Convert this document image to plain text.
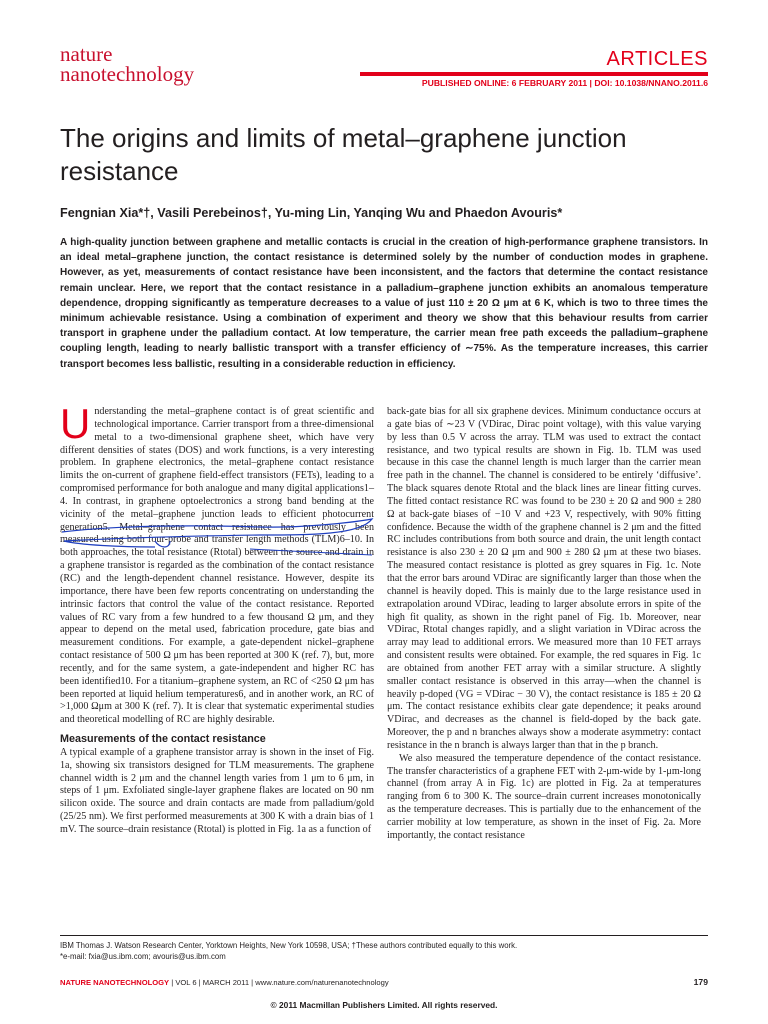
nature
nanotechnology
ARTICLES
PUBLISHED ONLINE: 6 FEBRUARY 2011 | DOI: 10.1038/NNANO.2011.6
The origins and limits of metal–graphene junction resistance
Fengnian Xia*†, Vasili Perebeinos†, Yu-ming Lin, Yanqing Wu and Phaedon Avouris*

A high-quality junction between graphene and metallic contacts is crucial in the creation of high-performance graphene transistors. In an ideal metal–graphene junction, the contact resistance is determined solely by the number of conduction modes in graphene. However, as yet, measurements of contact resistance have been inconsistent, and the factors that determine the contact resistance remain unclear. Here, we report that the contact resistance in a palladium–graphene junction exhibits an anomalous temperature dependence, dropping significantly as temperature decreases to a value of just 110 ± 20 Ω μm at 6 K, which is two to three times the minimum achievable resistance. Using a combination of experiment and theory we show that this behaviour results from carrier transport in graphene under the palladium contact. At low temperature, the carrier mean free path exceeds the palladium–graphene coupling length, leading to nearly ballistic transport with a transfer efficiency of ∼75%. As the temperature increases, this carrier transport becomes less ballistic, resulting in a considerable reduction in efficiency.

Understanding the metal–graphene contact is of great scientific and technological importance. Carrier transport from a three-dimensional metal to a two-dimensional graphene sheet, which have very different densities of states (DOS) and work functions, is a very interesting problem. In graphene electronics, the metal–graphene contact resistance limits the on-current of graphene field-effect transistors (FETs), leading to a compromised performance for both analogue and many digital applications1–4. In contrast, in graphene optoelectronics a strong band bending at the vicinity of the metal–graphene junction leads to efficient photocurrent generation5. Metal–graphene contact resistance has previously been measured using both four-probe and transfer length methods (TLM)6–10. In both approaches, the total resistance (Rtotal) between the source and drain in a graphene transistor is regarded as the combination of the contact resistance (RC) and the length-dependent channel resistance. However, despite its importance, there have been few reports concentrating on understanding the intrinsic factors that control the value of the contact resistance. Reported values of RC vary from a few hundred to a few thousand Ω μm, and they appear to depend on the metal used, fabrication procedure, gate bias and measurement conditions. For example, a gate-dependent nickel–graphene contact resistance of 500 Ω μm has been reported at 300 K (ref. 7), but, more recently, and for the same system, a gate-independent and higher RC has been identified10. For a titanium–graphene system, an RC of <250 Ω μm has been reported at liquid helium temperatures6, and in another work, an RC of >1,000 Ωμm at 300 K (ref. 7). It is clear that systematic experimental studies and theoretical modelling of RC are highly desirable.

Measurements of the contact resistance

A typical example of a graphene transistor array is shown in the inset of Fig. 1a, showing six transistors designed for TLM measurements. The graphene channel width is 2 μm and the channel length varies from 1 μm to 6 μm, in steps of 1 μm. Exfoliated single-layer graphene flakes are located on 90 nm silicon oxide. The source and drain contacts are made from palladium/gold (25/25 nm). We first performed measurements at 300 K with a drain bias of 1 mV. The source–drain resistance (Rtotal) is plotted in Fig. 1a as a function of

back-gate bias for all six graphene devices. Minimum conductance occurs at a gate bias of ∼23 V (VDirac, Dirac point voltage), with this value varying by less than 0.5 V across the array. TLM was used to extract the contact resistance, and two typical results are shown in Fig. 1b. TLM was used because in this case the channel length is much larger than the carrier mean free path in the channel. The channel is considered to be entirely ‘diffusive’. The black squares denote Rtotal and the black lines are linear fitting curves. The fitted contact resistance RC was found to be 230 ± 20 Ω and 900 ± 280 Ω at back-gate biases of −10 V and +23 V, respectively, with 90% fitting confidence. Because the width of the graphene channel is 2 μm and the fitted RC includes contributions from both source and drain, the unit length contact resistance is also 230 ± 20 Ω μm and 900 ± 280 Ω μm at these two biases. The measured contact resistance is plotted as grey squares in Fig. 1c. Note that the error bars around VDirac are significantly larger than those when the channel is heavily doped. This is mainly due to the large resistance used in extrapolation around VDirac, leading to larger absolute errors in spite of the high fit quality, as shown in the right panel of Fig. 1b. Moreover, near VDirac, Rtotal changes rapidly, and a slight variation in VDirac across the array may lead to additional errors. We measured more than 10 FET arrays and consistent results were obtained. For example, the red squares in Fig. 1c are obtained from another FET array with a similar structure. A slightly smaller contact resistance is observed in this array—when the channel is heavily p-doped (VG = VDirac − 30 V), the contact resistance is 185 ± 20 Ω μm. The contact resistance exhibits clear gate dependence; it peaks around VDirac, and decreases as the channel is field-doped by the back gate. Moreover, the p and n branches always show a moderate asymmetry: contact resistance in the n branch is always larger than that in the p branch.

We also measured the temperature dependence of the contact resistance. The transfer characteristics of a graphene FET with 2-μm-wide by 1-μm-long channel (from array A in Fig. 1c) are plotted in Fig. 2a at temperatures ranging from 6 to 300 K. The source–drain current increases monotonically as the temperature decreases. This is partially due to the enhancement of the carrier mobility at low temperature, as shown in the inset of Fig. 2a. More importantly, the contact resistance

IBM Thomas J. Watson Research Center, Yorktown Heights, New York 10598, USA; †These authors contributed equally to this work.
*e-mail: fxia@us.ibm.com; avouris@us.ibm.com
NATURE NANOTECHNOLOGY | VOL 6 | MARCH 2011 | www.nature.com/naturenanotechnology	179
© 2011 Macmillan Publishers Limited. All rights reserved.
